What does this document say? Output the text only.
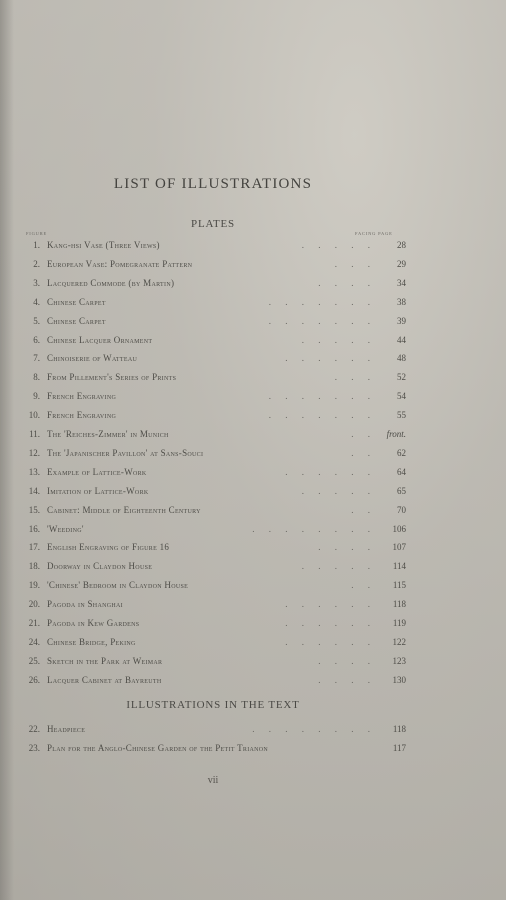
LIST OF ILLUSTRATIONS
PLATES
FIGURE	FACING PAGE
1. Kang-hsi Vase (Three Views)	. . . . .	28
2. European Vase: Pomegranate Pattern	. . .	29
3. Lacquered Commode (by Martin)	. . . .	34
4. Chinese Carpet	. . . . . . .	38
5. Chinese Carpet	. . . . . . .	39
6. Chinese Lacquer Ornament	. . . . .	44
7. Chinoiserie of Watteau	. . . . . .	48
8. From Pillement's Series of Prints	. . .	52
9. French Engraving	. . . . . . .	54
10. French Engraving	. . . . . . .	55
11. The 'Reiches-Zimmer' in Munich	. .	front.
12. The 'Japanischer Pavillon' at Sans-Souci	. .	62
13. Example of Lattice-Work	. . . . . .	64
14. Imitation of Lattice-Work	. . . . .	65
15. Cabinet: Middle of Eighteenth Century	. .	70
16. 'Weeding'	. . . . . . . .	106
17. English Engraving of Figure 16	. . . .	107
18. Doorway in Claydon House	. . . . .	114
19. 'Chinese' Bedroom in Claydon House	. .	115
20. Pagoda in Shanghai	. . . . . .	118
21. Pagoda in Kew Gardens	. . . . . .	119
24. Chinese Bridge, Peking	. . . . . .	122
25. Sketch in the Park at Weimar	. . . .	123
26. Lacquer Cabinet at Bayreuth	. . . .	130
ILLUSTRATIONS IN THE TEXT
22. Headpiece	. . . . . . . .	118
23. Plan for the Anglo-Chinese Garden of the Petit Trianon	117
vii
